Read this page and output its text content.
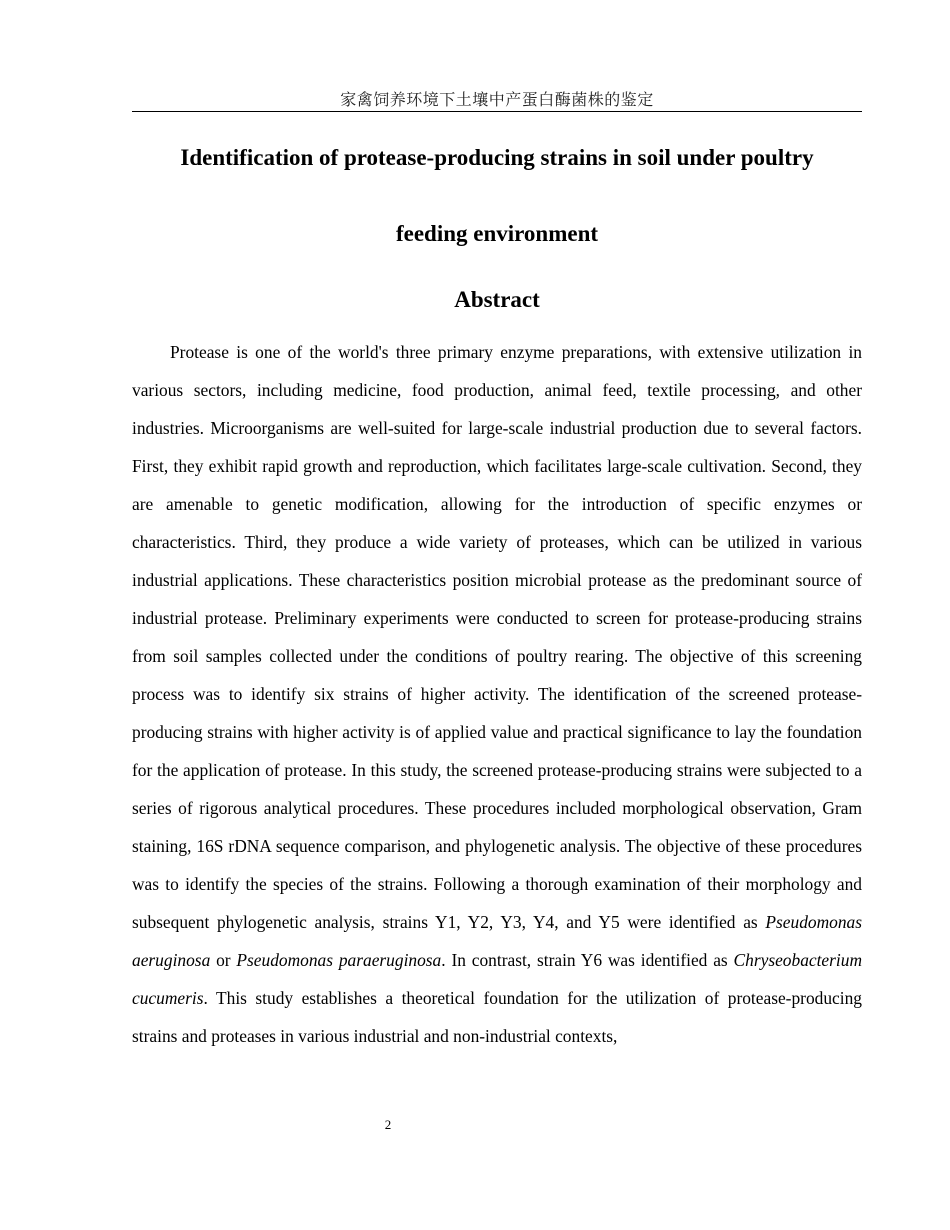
家禽饲养环境下土壤中产蛋白酶菌株的鉴定
Identification of protease-producing strains in soil under poultry
feeding environment
Abstract

Protease is one of the world's three primary enzyme preparations, with extensive utilization in various sectors, including medicine, food production, animal feed, textile processing, and other industries. Microorganisms are well-suited for large-scale industrial production due to several factors. First, they exhibit rapid growth and reproduction, which facilitates large-scale cultivation. Second, they are amenable to genetic modification, allowing for the introduction of specific enzymes or characteristics. Third, they produce a wide variety of proteases, which can be utilized in various industrial applications. These characteristics position microbial protease as the predominant source of industrial protease. Preliminary experiments were conducted to screen for protease-producing strains from soil samples collected under the conditions of poultry rearing. The objective of this screening process was to identify six strains of higher activity. The identification of the screened protease-producing strains with higher activity is of applied value and practical significance to lay the foundation for the application of protease. In this study, the screened protease-producing strains were subjected to a series of rigorous analytical procedures. These procedures included morphological observation, Gram staining, 16S rDNA sequence comparison, and phylogenetic analysis. The objective of these procedures was to identify the species of the strains. Following a thorough examination of their morphology and subsequent phylogenetic analysis, strains Y1, Y2, Y3, Y4, and Y5 were identified as Pseudomonas aeruginosa or Pseudomonas paraeruginosa. In contrast, strain Y6 was identified as Chryseobacterium cucumeris. This study establishes a theoretical foundation for the utilization of protease-producing strains and proteases in various industrial and non-industrial contexts,

2
